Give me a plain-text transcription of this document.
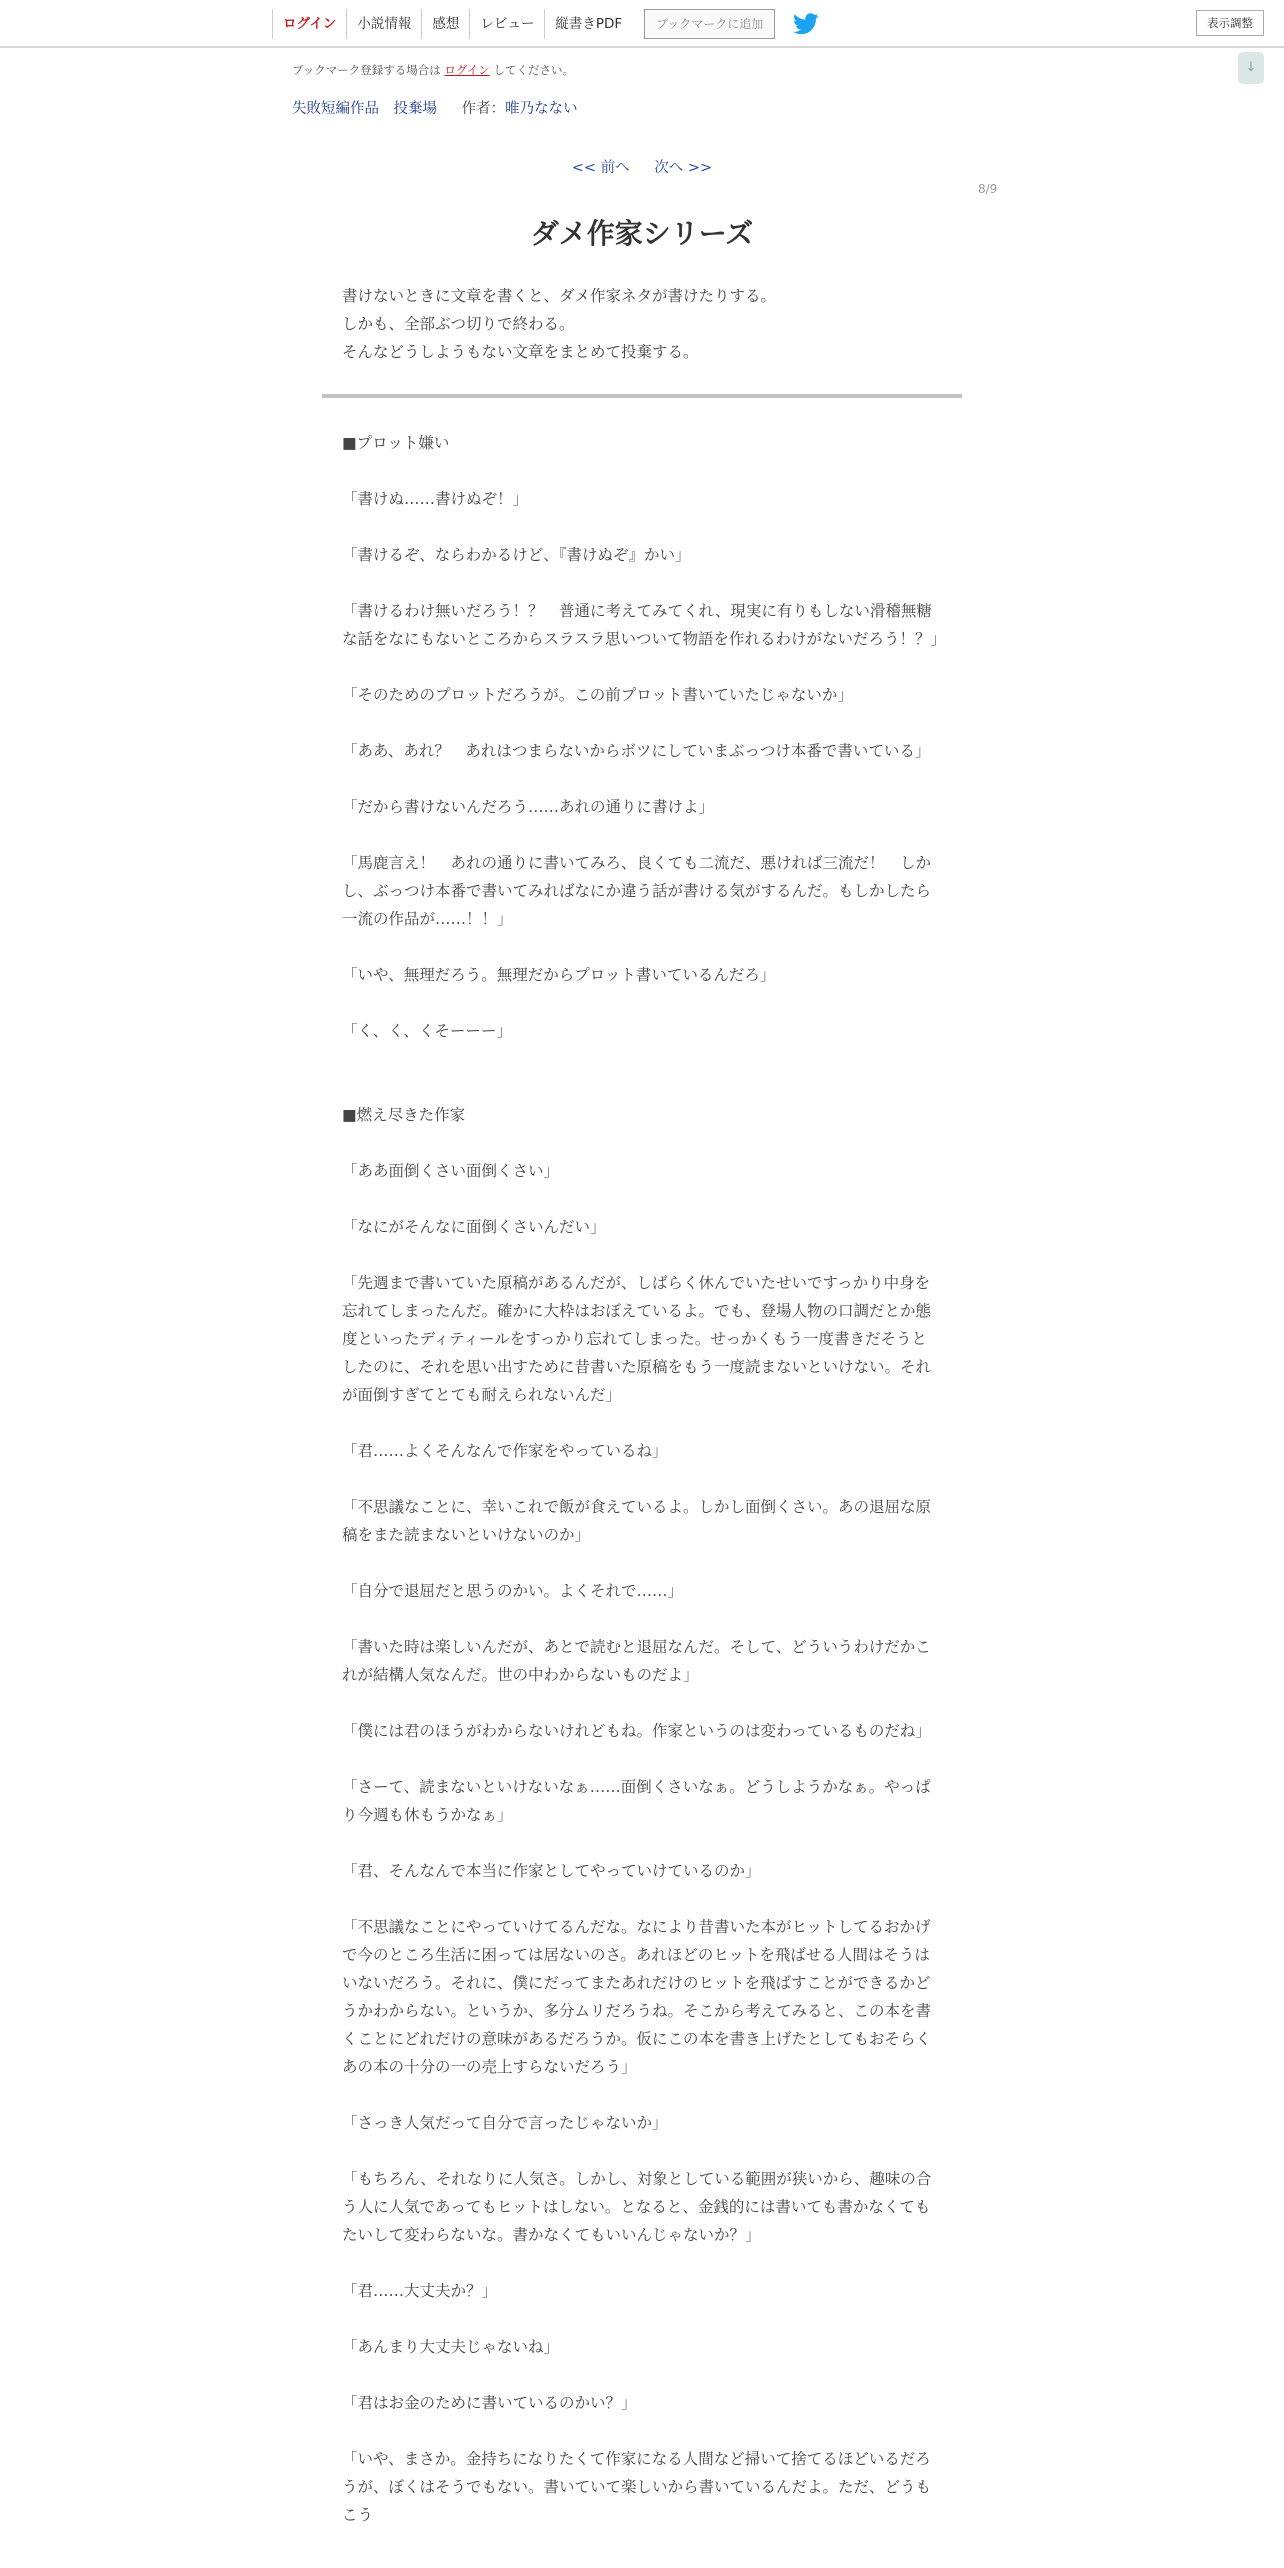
ログイン	小説情報	感想	レビュー	縦書きPDF	ブックマークに追加	表示調整
↓
ブックマーク登録する場合は ログイン してください。
失敗短編作品　投棄場 作者：唯乃なない
<< 前へ 次へ >>
8/9
ダメ作家シリーズ
書けないときに文章を書くと、ダメ作家ネタが書けたりする。
しかも、全部ぶつ切りで終わる。
そんなどうしようもない文章をまとめて投棄する。

■プロット嫌い

「書けぬ……書けぬぞ！」

「書けるぞ、ならわかるけど、『書けぬぞ』かい」

「書けるわけ無いだろう！？　普通に考えてみてくれ、現実に有りもしない滑稽無糖な話をなにもないところからスラスラ思いついて物語を作れるわけがないだろう！？」

「そのためのプロットだろうが。この前プロット書いていたじゃないか」

「ああ、あれ？　あれはつまらないからボツにしていまぶっつけ本番で書いている」

「だから書けないんだろう……あれの通りに書けよ」

「馬鹿言え！　あれの通りに書いてみろ、良くても二流だ、悪ければ三流だ！　しかし、ぶっつけ本番で書いてみればなにか違う話が書ける気がするんだ。もしかしたら一流の作品が……！！」

「いや、無理だろう。無理だからプロット書いているんだろ」

「く、く、くそーーー」

■燃え尽きた作家

「ああ面倒くさい面倒くさい」

「なにがそんなに面倒くさいんだい」

「先週まで書いていた原稿があるんだが、しばらく休んでいたせいですっかり中身を忘れてしまったんだ。確かに大枠はおぼえているよ。でも、登場人物の口調だとか態度といったディティールをすっかり忘れてしまった。せっかくもう一度書きだそうとしたのに、それを思い出すために昔書いた原稿をもう一度読まないといけない。それが面倒すぎてとても耐えられないんだ」

「君……よくそんなんで作家をやっているね」

「不思議なことに、幸いこれで飯が食えているよ。しかし面倒くさい。あの退屈な原稿をまた読まないといけないのか」

「自分で退屈だと思うのかい。よくそれで……」

「書いた時は楽しいんだが、あとで読むと退屈なんだ。そして、どういうわけだかこれが結構人気なんだ。世の中わからないものだよ」

「僕には君のほうがわからないけれどもね。作家というのは変わっているものだね」

「さーて、読まないといけないなぁ……面倒くさいなぁ。どうしようかなぁ。やっぱり今週も休もうかなぁ」

「君、そんなんで本当に作家としてやっていけているのか」

「不思議なことにやっていけてるんだな。なにより昔書いた本がヒットしてるおかげで今のところ生活に困っては居ないのさ。あれほどのヒットを飛ばせる人間はそうはいないだろう。それに、僕にだってまたあれだけのヒットを飛ばすことができるかどうかわからない。というか、多分ムリだろうね。そこから考えてみると、この本を書くことにどれだけの意味があるだろうか。仮にこの本を書き上げたとしてもおそらくあの本の十分の一の売上すらないだろう」

「さっき人気だって自分で言ったじゃないか」

「もちろん、それなりに人気さ。しかし、対象としている範囲が狭いから、趣味の合う人に人気であってもヒットはしない。となると、金銭的には書いても書かなくてもたいして変わらないな。書かなくてもいいんじゃないか？」

「君……大丈夫か？」

「あんまり大丈夫じゃないね」

「君はお金のために書いているのかい？」

「いや、まさか。金持ちになりたくて作家になる人間など掃いて捨てるほどいるだろうが、ぼくはそうでもない。書いていて楽しいから書いているんだよ。ただ、どうもこう
